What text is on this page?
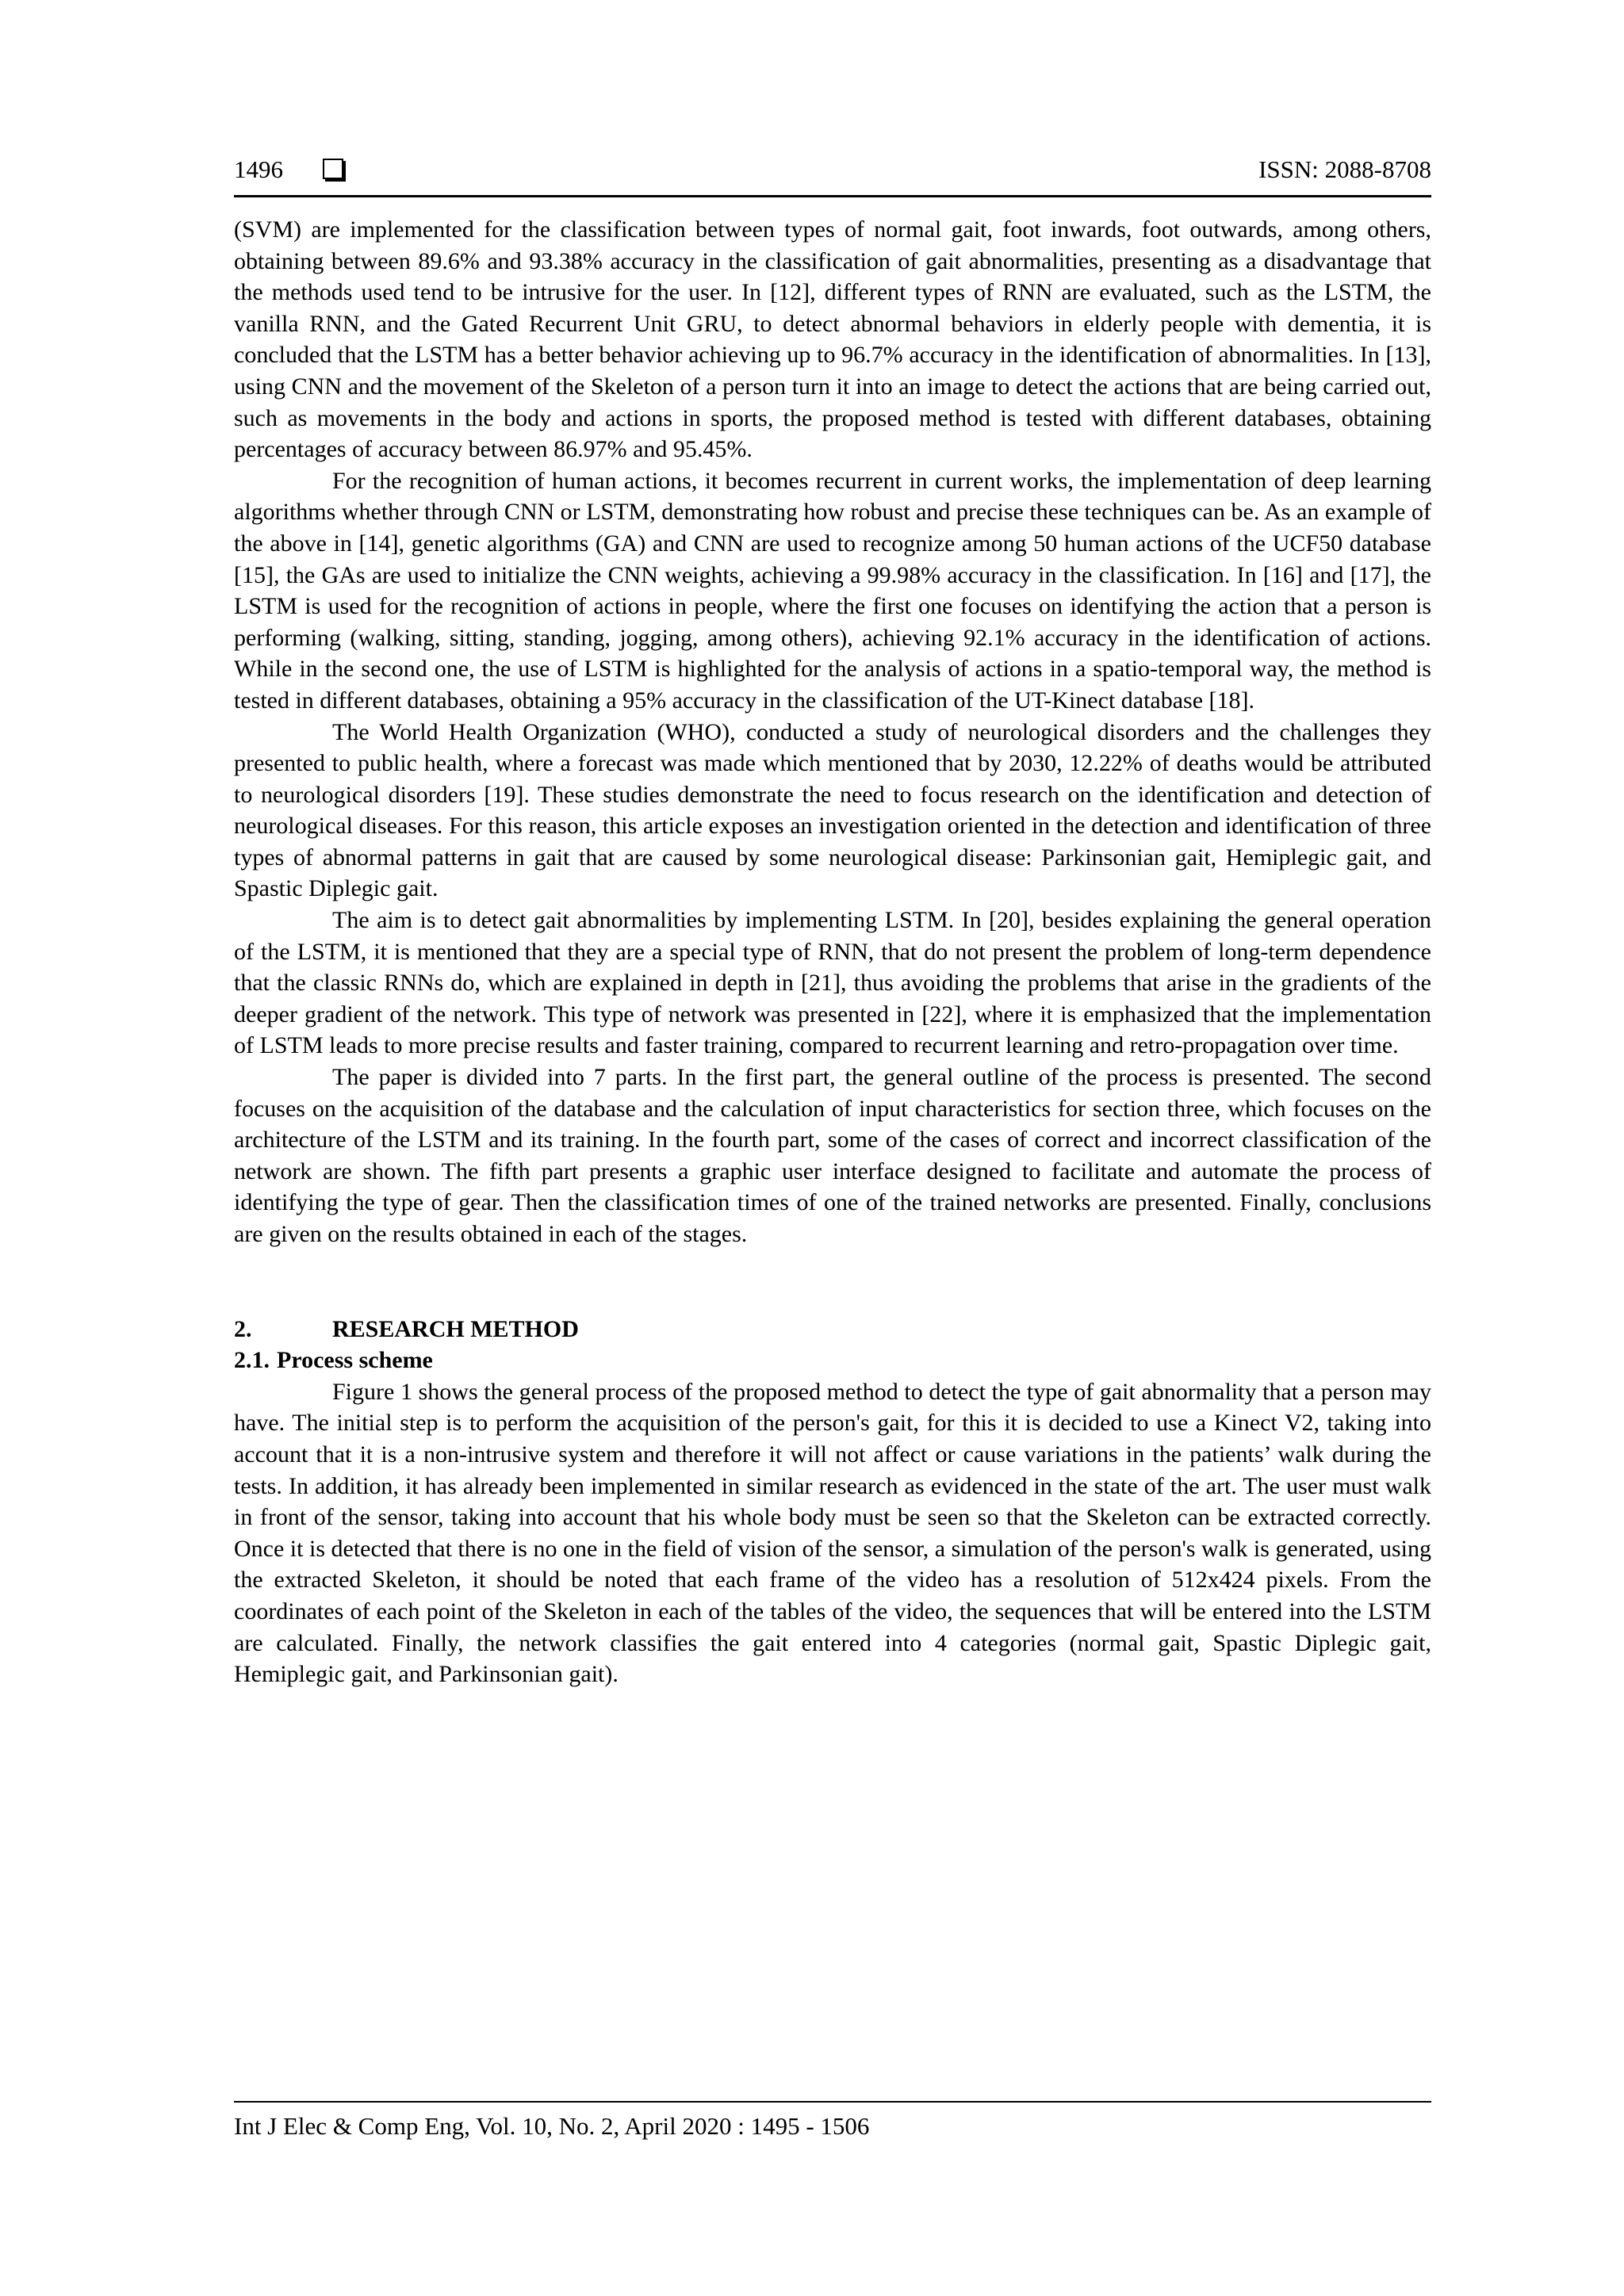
1496	ISSN: 2088-8708

(SVM) are implemented for the classification between types of normal gait, foot inwards, foot outwards, among others, obtaining between 89.6% and 93.38% accuracy in the classification of gait abnormalities, presenting as a disadvantage that the methods used tend to be intrusive for the user. In [12], different types of RNN are evaluated, such as the LSTM, the vanilla RNN, and the Gated Recurrent Unit GRU, to detect abnormal behaviors in elderly people with dementia, it is concluded that the LSTM has a better behavior achieving up to 96.7% accuracy in the identification of abnormalities. In [13], using CNN and the movement of the Skeleton of a person turn it into an image to detect the actions that are being carried out, such as movements in the body and actions in sports, the proposed method is tested with different databases, obtaining percentages of accuracy between 86.97% and 95.45%.

For the recognition of human actions, it becomes recurrent in current works, the implementation of deep learning algorithms whether through CNN or LSTM, demonstrating how robust and precise these techniques can be. As an example of the above in [14], genetic algorithms (GA) and CNN are used to recognize among 50 human actions of the UCF50 database [15], the GAs are used to initialize the CNN weights, achieving a 99.98% accuracy in the classification. In [16] and [17], the LSTM is used for the recognition of actions in people, where the first one focuses on identifying the action that a person is performing (walking, sitting, standing, jogging, among others), achieving 92.1% accuracy in the identification of actions. While in the second one, the use of LSTM is highlighted for the analysis of actions in a spatio-temporal way, the method is tested in different databases, obtaining a 95% accuracy in the classification of the UT-Kinect database [18].

The World Health Organization (WHO), conducted a study of neurological disorders and the challenges they presented to public health, where a forecast was made which mentioned that by 2030, 12.22% of deaths would be attributed to neurological disorders [19]. These studies demonstrate the need to focus research on the identification and detection of neurological diseases. For this reason, this article exposes an investigation oriented in the detection and identification of three types of abnormal patterns in gait that are caused by some neurological disease: Parkinsonian gait, Hemiplegic gait, and Spastic Diplegic gait.

The aim is to detect gait abnormalities by implementing LSTM. In [20], besides explaining the general operation of the LSTM, it is mentioned that they are a special type of RNN, that do not present the problem of long-term dependence that the classic RNNs do, which are explained in depth in [21], thus avoiding the problems that arise in the gradients of the deeper gradient of the network. This type of network was presented in [22], where it is emphasized that the implementation of LSTM leads to more precise results and faster training, compared to recurrent learning and retro-propagation over time.

The paper is divided into 7 parts. In the first part, the general outline of the process is presented. The second focuses on the acquisition of the database and the calculation of input characteristics for section three, which focuses on the architecture of the LSTM and its training. In the fourth part, some of the cases of correct and incorrect classification of the network are shown. The fifth part presents a graphic user interface designed to facilitate and automate the process of identifying the type of gear. Then the classification times of one of the trained networks are presented. Finally, conclusions are given on the results obtained in each of the stages.

2.	RESEARCH METHOD

2.1. Process scheme

Figure 1 shows the general process of the proposed method to detect the type of gait abnormality that a person may have. The initial step is to perform the acquisition of the person's gait, for this it is decided to use a Kinect V2, taking into account that it is a non-intrusive system and therefore it will not affect or cause variations in the patients’ walk during the tests. In addition, it has already been implemented in similar research as evidenced in the state of the art. The user must walk in front of the sensor, taking into account that his whole body must be seen so that the Skeleton can be extracted correctly. Once it is detected that there is no one in the field of vision of the sensor, a simulation of the person's walk is generated, using the extracted Skeleton, it should be noted that each frame of the video has a resolution of 512x424 pixels. From the coordinates of each point of the Skeleton in each of the tables of the video, the sequences that will be entered into the LSTM are calculated. Finally, the network classifies the gait entered into 4 categories (normal gait, Spastic Diplegic gait, Hemiplegic gait, and Parkinsonian gait).

Int J Elec & Comp Eng, Vol. 10, No. 2, April 2020 : 1495 - 1506
